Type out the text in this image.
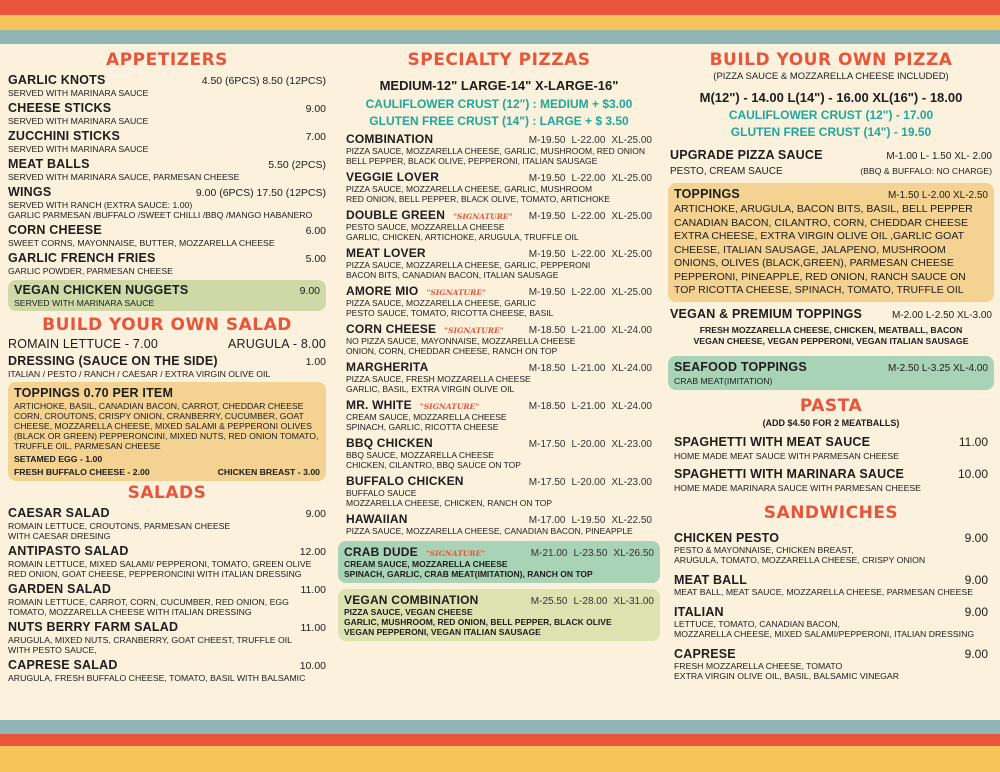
APPETIZERS
GARLIC KNOTS	4.50 (6PCS) 8.50 (12PCS)
SERVED WITH MARINARA SAUCE
CHEESE STICKS	9.00
SERVED WITH MARINARA SAUCE
ZUCCHINI STICKS	7.00
SERVED WITH MARINARA SAUCE
MEAT BALLS	5.50 (2PCS)
SERVED WITH MARINARA SAUCE, PARMESAN CHEESE
WINGS	9.00 (6PCS) 17.50 (12PCS)
SERVED WITH RANCH (EXTRA SAUCE: 1.00)
GARLIC PARMESAN /BUFFALO /SWEET CHILLI /BBQ /MANGO HABANERO
CORN CHEESE	6.00
SWEET CORNS, MAYONNAISE, BUTTER, MOZZARELLA CHEESE
GARLIC FRENCH FRIES	5.00
GARLIC POWDER, PARMESAN CHEESE
VEGAN CHICKEN NUGGETS	9.00
SERVED WITH MARINARA SAUCE
BUILD YOUR OWN SALAD
ROMAIN LETTUCE - 7.00	ARUGULA - 8.00
DRESSING (SAUCE ON THE SIDE)	1.00
ITALIAN / PESTO / RANCH / CAESAR / EXTRA VIRGIN OLIVE OIL
TOPPINGS 0.70 PER ITEM
ARTICHOKE, BASIL, CANADIAN BACON, CARROT, CHEDDAR CHEESE CORN, CROUTONS, CRISPY ONION, CRANBERRY, CUCUMBER, GOAT CHEESE, MOZZARELLA CHEESE, MIXED SALAMI & PEPPERONI OLIVES (BLACK OR GREEN) PEPPERONCINI, MIXED NUTS, RED ONION TOMATO, TRUFFLE OIL, PARMESAN CHEESE
SETAMED EGG - 1.00
FRESH BUFFALO CHEESE - 2.00	CHICKEN BREAST - 3.00
SALADS
CAESAR SALAD	9.00
ROMAIN LETTUCE, CROUTONS, PARMESAN CHEESE
WITH CAESAR DRESING
ANTIPASTO SALAD	12.00
ROMAIN LETTUCE, MIXED SALAMI/ PEPPERONI, TOMATO, GREEN OLIVE
RED ONION, GOAT CHEESE, PEPPERONCINI WITH ITALIAN DRESSING
GARDEN SALAD	11.00
ROMAIN LETTUCE, CARROT, CORN, CUCUMBER, RED ONION, EGG
TOMATO, MOZZARELLA CHEESE WITH ITALIAN DRESSING
NUTS BERRY FARM SALAD	11.00
ARUGULA, MIXED NUTS, CRANBERRY, GOAT CHEEST, TRUFFLE OIL
WITH PESTO SAUCE,
CAPRESE SALAD	10.00
ARUGULA, FRESH BUFFALO CHEESE, TOMATO, BASIL WITH BALSAMIC
SPECIALTY PIZZAS
MEDIUM-12" LARGE-14" X-LARGE-16"
CAULIFLOWER CRUST (12") : MEDIUM + $3.00
GLUTEN FREE CRUST (14") : LARGE + $ 3.50
COMBINATION	M-19.50 L-22.00 XL-25.00
PIZZA SAUCE, MOZZARELLA CHEESE, GARLIC, MUSHROOM, RED ONION
BELL PEPPER, BLACK OLIVE, PEPPERONI, ITALIAN SAUSAGE
VEGGIE LOVER	M-19.50 L-22.00 XL-25.00
PIZZA SAUCE, MOZZARELLA CHEESE, GARLIC, MUSHROOM
RED ONION, BELL PEPPER, BLACK OLIVE, TOMATO, ARTICHOKE
DOUBLE GREEN "SIGNATURE"	M-19.50 L-22.00 XL-25.00
PESTO SAUCE, MOZZARELLA CHEESE
GARLIC, CHICKEN, ARTICHOKE, ARUGULA, TRUFFLE OIL
MEAT LOVER	M-19.50 L-22.00 XL-25.00
PIZZA SAUCE, MOZZARELLA CHEESE, GARLIC, PEPPERONI
BACON BITS, CANADIAN BACON, ITALIAN SAUSAGE
AMORE MIO "SIGNATURE"	M-19.50 L-22.00 XL-25.00
PIZZA SAUCE, MOZZARELLA CHEESE, GARLIC
PESTO SAUCE, TOMATO, RICOTTA CHEESE, BASIL
CORN CHEESE "SIGNATURE"	M-18.50 L-21.00 XL-24.00
NO PIZZA SAUCE, MAYONNAISE, MOZZARELLA CHEESE
ONION, CORN, CHEDDAR CHEESE, RANCH ON TOP
MARGHERITA	M-18.50 L-21.00 XL-24.00
PIZZA SAUCE, FRESH MOZZARELLA CHEESE
GARLIC, BASIL, EXTRA VIRGIN OLIVE OIL
MR. WHITE "SIGNATURE"	M-18.50 L-21.00 XL-24.00
CREAM SAUCE, MOZZARELLA CHEESE
SPINACH, GARLIC, RICOTTA CHEESE
BBQ CHICKEN	M-17.50 L-20.00 XL-23.00
BBQ SAUCE, MOZZARELLA CHEESE
CHICKEN, CILANTRO, BBQ SAUCE ON TOP
BUFFALO CHICKEN	M-17.50 L-20.00 XL-23.00
BUFFALO SAUCE
MOZZARELLA CHEESE, CHICKEN, RANCH ON TOP
HAWAIIAN	M-17.00 L-19.50 XL-22.50
PIZZA SAUCE, MOZZARELLA CHEESE, CANADIAN BACON, PINEAPPLE
CRAB DUDE "SIGNATURE"	M-21.00 L-23.50 XL-26.50
CREAM SAUCE, MOZZARELLA CHEESE
SPINACH, GARLIC, CRAB MEAT(IMITATION), RANCH ON TOP
VEGAN COMBINATION	M-25.50 L-28.00 XL-31.00
PIZZA SAUCE, VEGAN CHEESE
GARLIC, MUSHROOM, RED ONION, BELL PEPPER, BLACK OLIVE
VEGAN PEPPERONI, VEGAN ITALIAN SAUSAGE
BUILD YOUR OWN PIZZA
(PIZZA SAUCE & MOZZARELLA CHEESE INCLUDED)
M(12") - 14.00 L(14") - 16.00 XL(16") - 18.00
CAULIFLOWER CRUST (12") - 17.00
GLUTEN FREE CRUST (14") - 19.50
UPGRADE PIZZA SAUCE	M-1.00 L- 1.50 XL- 2.00
PESTO, CREAM SAUCE	(BBQ & BUFFALO: NO CHARGE)
TOPPINGS	M-1.50 L-2.00 XL-2.50
ARTICHOKE, ARUGULA, BACON BITS, BASIL, BELL PEPPER CANADIAN BACON, CILANTRO, CORN, CHEDDAR CHEESE EXTRA CHEESE, EXTRA VIRGIN OLIVE OIL ,GARLIC GOAT CHEESE, ITALIAN SAUSAGE, JALAPENO, MUSHROOM ONIONS, OLIVES (BLACK,GREEN), PARMESAN CHEESE PEPPERONI, PINEAPPLE, RED ONION, RANCH SAUCE ON TOP RICOTTA CHEESE, SPINACH, TOMATO, TRUFFLE OIL
VEGAN & PREMIUM TOPPINGS	M-2.00 L-2.50 XL-3.00
FRESH MOZZARELLA CHEESE, CHICKEN, MEATBALL, BACON
VEGAN CHEESE, VEGAN PEPPERONI, VEGAN ITALIAN SAUSAGE
SEAFOOD TOPPINGS	M-2.50 L-3.25 XL-4.00
CRAB MEAT(IMITATION)
PASTA
(ADD $4.50 FOR 2 MEATBALLS)
SPAGHETTI WITH MEAT SAUCE	11.00
HOME MADE MEAT SAUCE WITH PARMESAN CHEESE
SPAGHETTI WITH MARINARA SAUCE	10.00
HOME MADE MARINARA SAUCE WITH PARMESAN CHEESE
SANDWICHES
CHICKEN PESTO	9.00
PESTO & MAYONNAISE, CHICKEN BREAST,
ARUGULA, TOMATO, MOZZARELLA CHEESE, CRISPY ONION
MEAT BALL	9.00
MEAT BALL, MEAT SAUCE, MOZZARELLA CHEESE, PARMESAN CHEESE
ITALIAN	9.00
LETTUCE, TOMATO, CANADIAN BACON,
MOZZARELLA CHEESE, MIXED SALAMI/PEPPERONI, ITALIAN DRESSING
CAPRESE	9.00
FRESH MOZZARELLA CHEESE, TOMATO
EXTRA VIRGIN OLIVE OIL, BASIL, BALSAMIC VINEGAR
